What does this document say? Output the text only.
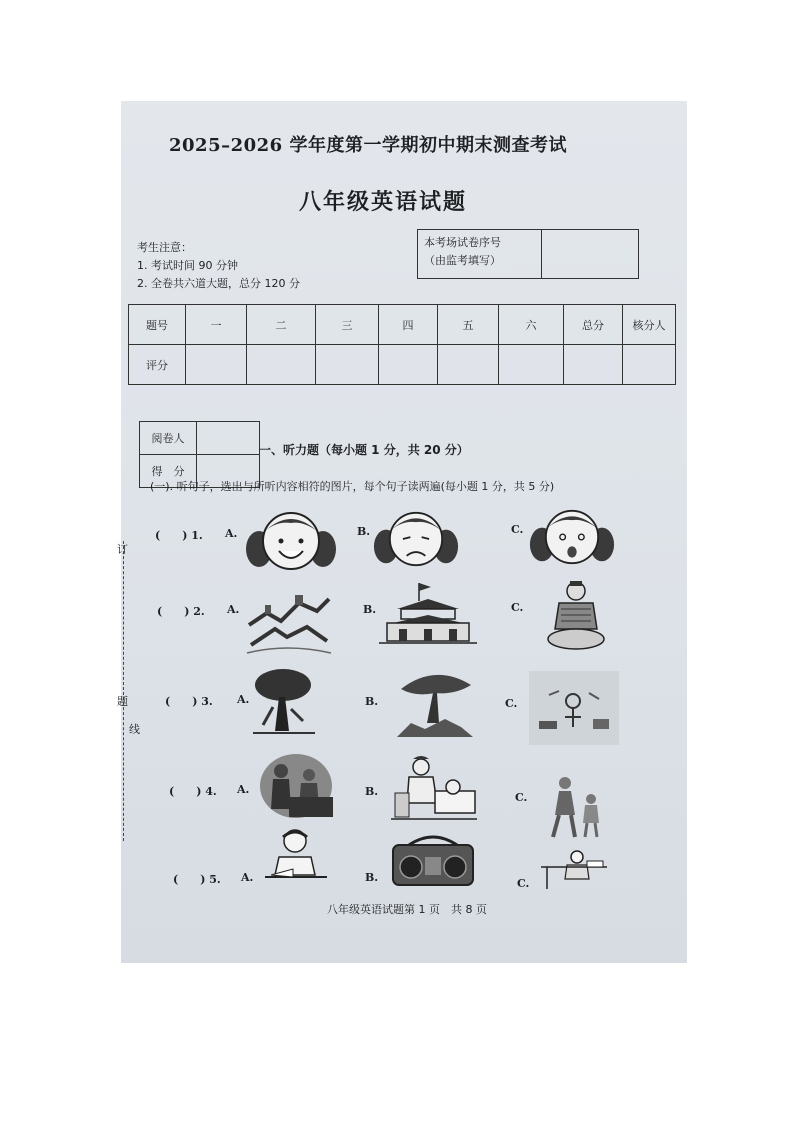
2025–2026 学年度第一学期初中期末测查考试
八年级英语试题
考生注意：
1. 考试时间 90 分钟
2. 全卷共六道大题，总分 120 分
本考场试卷序号
（由监考填写）
题号	一	二	三	四	五	六	总分	核分人
评分								
阅卷人	
得　分	
一、听力题（每小题 1 分，共 20 分）
(一). 听句子，选出与所听内容相符的图片，每个句子读两遍(每小题 1 分，共 5 分)
订
题
线
(　　) 1. A.	B.	C.
(　　) 2. A.	B.	C.
(　　) 3. A.	B.	C.
(　　) 4. A.	B.	C.
(　　) 5. A.	B.	C.
八年级英语试题第 1 页　共 8 页
